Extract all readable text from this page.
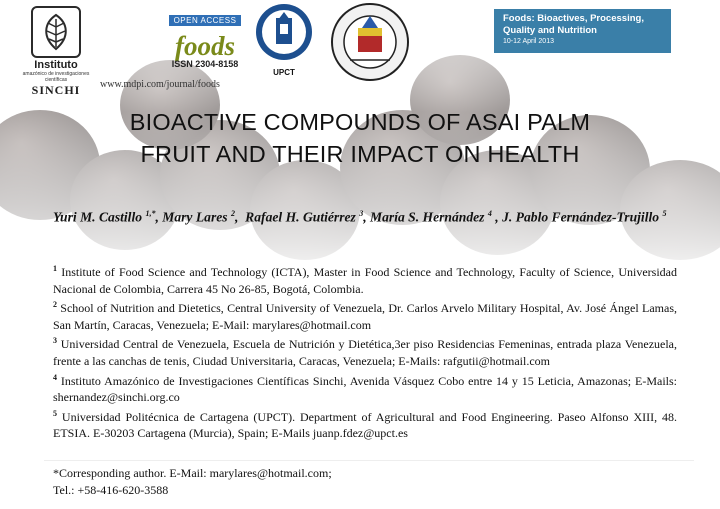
Instituto
amazónico de investigaciones científicas
SINCHI
OPEN ACCESS
foods
ISSN 2304-8158
www.mdpi.com/journal/foods
UPCT
Foods: Bioactives, Processing,
Quality and Nutrition
10-12 April 2013
BIOACTIVE COMPOUNDS OF ASAI PALM
FRUIT AND THEIR IMPACT ON HEALTH
Yuri M. Castillo $^{1,*}$, Mary Lares $^2$,  Rafael H. Gutiérrez $^3$, María S. Hernández $^4$ , J. Pablo Fernández-Trujillo $^5$

$^1$ Institute of Food Science and Technology (ICTA), Master in Food Science and Technology, Faculty of Science, Universidad Nacional de Colombia, Carrera 45 No 26-85, Bogotá, Colombia.

$^2$ School of Nutrition and Dietetics, Central University of Venezuela, Dr. Carlos Arvelo Military Hospital, Av. José Ángel Lamas, San Martín, Caracas, Venezuela; E-Mail: marylares@hotmail.com

$^3$ Universidad Central de Venezuela, Escuela de Nutrición y Dietética,3er piso Residencias Femeninas, entrada plaza Venezuela, frente a las canchas de tenis, Ciudad Universitaria, Caracas, Venezuela; E-Mails: rafgutii@hotmail.com

$^4$ Instituto Amazónico de Investigaciones Científicas Sinchi, Avenida Vásquez Cobo entre 14 y 15 Leticia, Amazonas; E-Mails: shernandez@sinchi.org.co

$^5$ Universidad Politécnica de Cartagena (UPCT). Department of Agricultural and Food Engineering. Paseo Alfonso XIII, 48. ETSIA. E-30203 Cartagena (Murcia), Spain; E-Mails juanp.fdez@upct.es

*Corresponding author. E-Mail: marylares@hotmail.com;
Tel.: +58-416-620-3588
